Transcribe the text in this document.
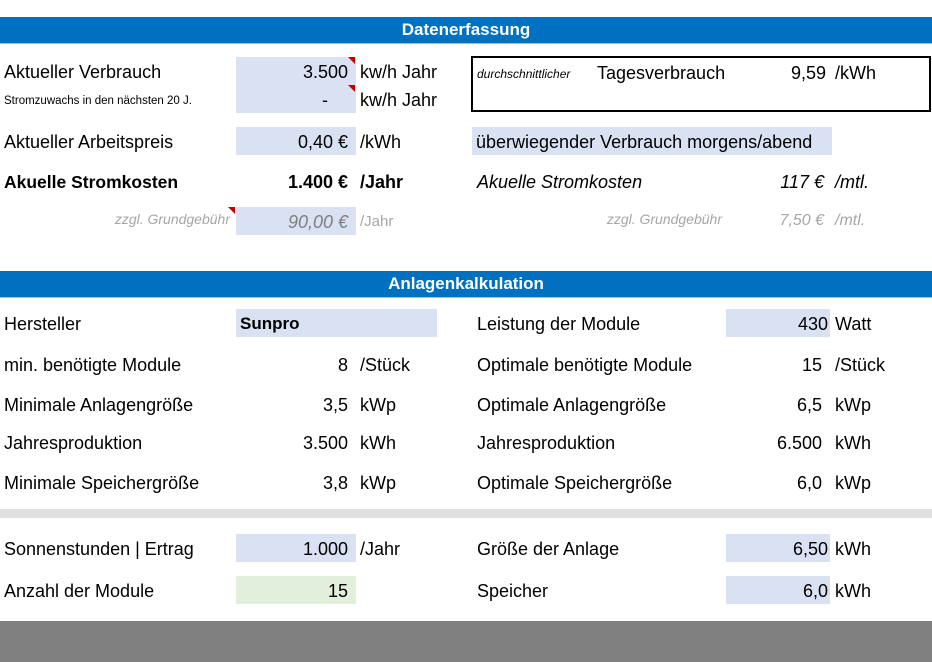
Datenerfassung
Aktueller Verbrauch	3.500 kw/h Jahr
Stromzuwachs in den nächsten 20 J.	- kw/h Jahr
durchschnittlicher Tagesverbrauch	9,59 /kWh
Aktueller Arbeitspreis	0,40 € /kWh	überwiegender Verbrauch morgens/abend
Akuelle Stromkosten	1.400 € /Jahr	Akuelle Stromkosten	117 € /mtl.
zzgl. Grundgebühr	90,00 € /Jahr	zzgl. Grundgebühr	7,50 € /mtl.
Anlagenkalkulation
Hersteller	Sunpro	Leistung der Module	430 Watt
min. benötigte Module	8 /Stück	Optimale benötigte Module	15 /Stück
Minimale Anlagengröße	3,5 kWp	Optimale Anlagengröße	6,5 kWp
Jahresproduktion	3.500 kWh	Jahresproduktion	6.500 kWh
Minimale Speichergröße	3,8 kWp	Optimale Speichergröße	6,0 kWp
Sonnenstunden | Ertrag	1.000 /Jahr	Größe der Anlage	6,50 kWh
Anzahl der Module	15	Speicher	6,0 kWh
